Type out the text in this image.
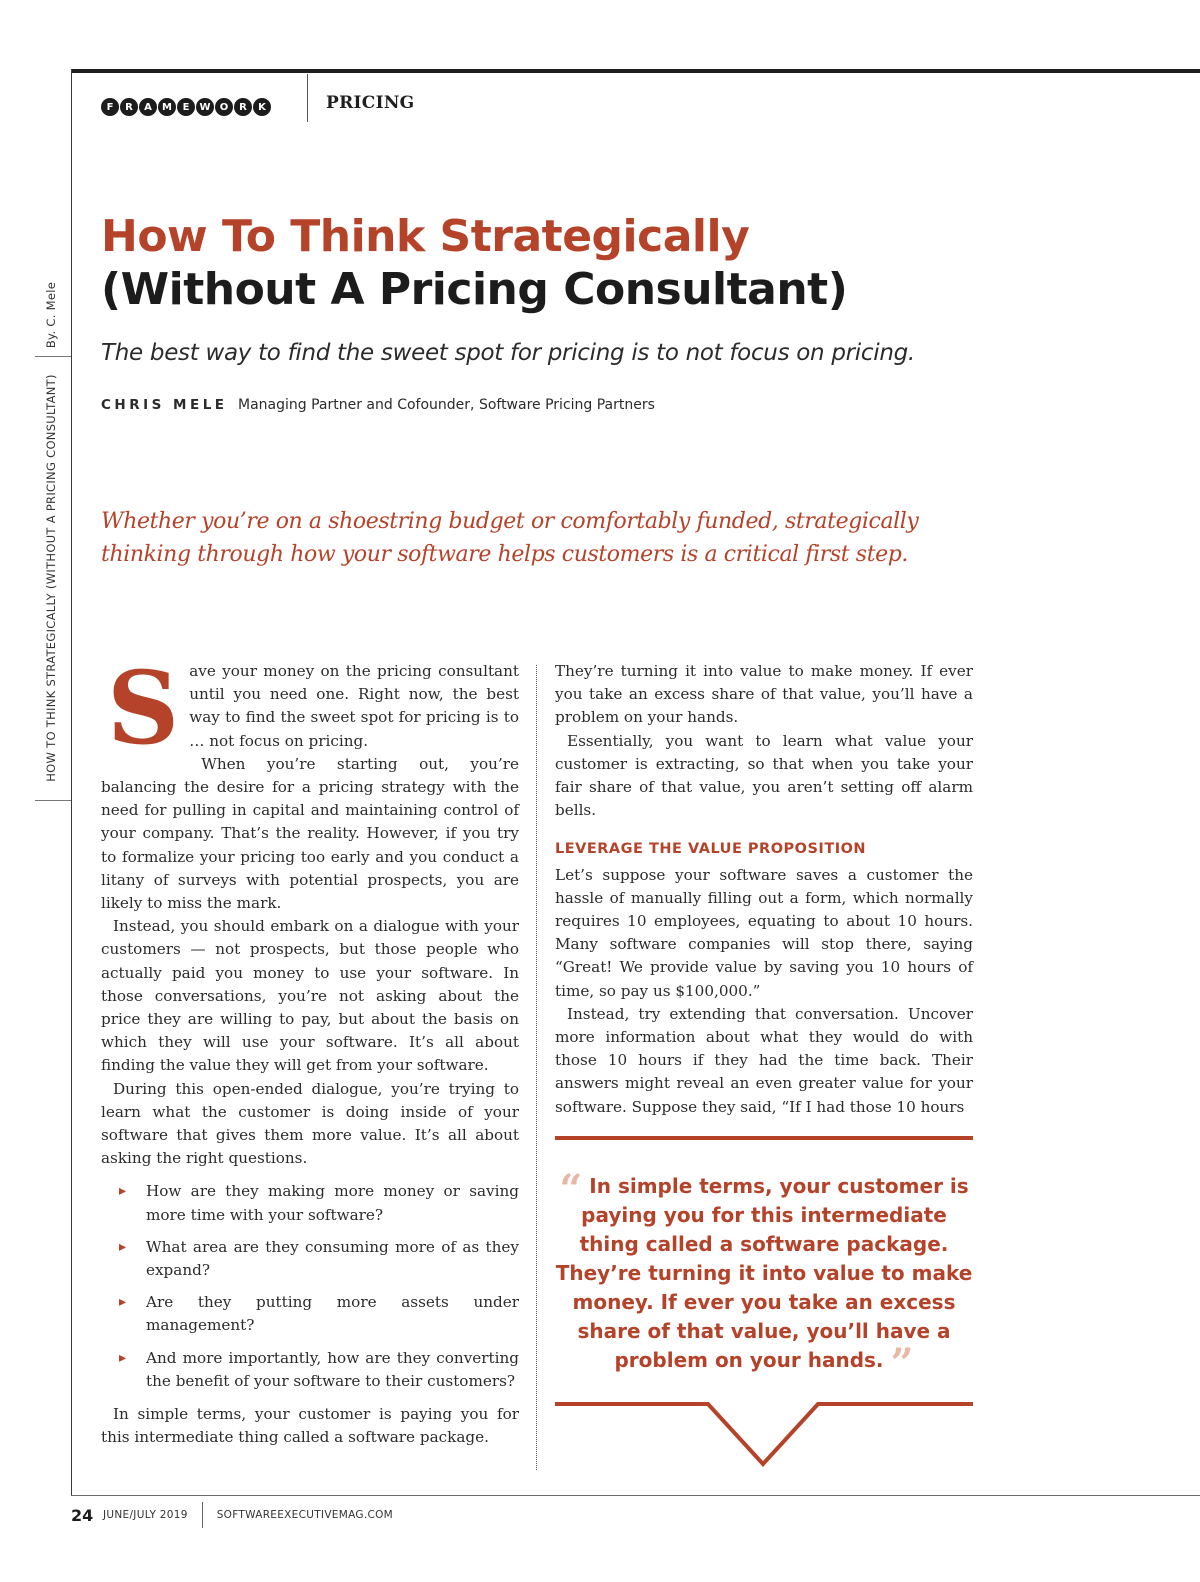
F	R	A	M	E	W O	R	K	PRICING
By. C. Mele
HOW TO THINK STRATEGICALLY (WITHOUT A PRICING CONSULTANT)
How To Think Strategically
(Without A Pricing Consultant)
The best way to find the sweet spot for pricing is to not focus on pricing.
CHRIS MELE Managing Partner and Cofounder, Software Pricing Partners
Whether you’re on a shoestring budget or comfortably funded, strategically thinking through how your software helps customers is a critical first step.
S ave your money on the pricing consultant until you need one. Right now, the best way to find the sweet spot for pricing is to … not focus on pricing.

When you’re starting out, you’re balancing the desire for a pricing strategy with the need for pulling in capital and maintaining control of your company. That’s the reality. However, if you try to formalize your pricing too early and you conduct a litany of surveys with potential prospects, you are likely to miss the mark.

Instead, you should embark on a dialogue with your customers — not prospects, but those people who actually paid you money to use your software. In those conversations, you’re not asking about the price they are willing to pay, but about the basis on which they will use your software. It’s all about finding the value they will get from your software.

During this open-ended dialogue, you’re trying to learn what the customer is doing inside of your software that gives them more value. It’s all about asking the right questions.

▸ How are they making more money or saving more time with your software?
▸ What area are they consuming more of as they expand?
▸ Are they putting more assets under management?
▸ And more importantly, how are they converting the benefit of your software to their customers?

In simple terms, your customer is paying you for this intermediate thing called a software package.

They’re turning it into value to make money. If ever you take an excess share of that value, you’ll have a problem on your hands.

Essentially, you want to learn what value your customer is extracting, so that when you take your fair share of that value, you aren’t setting off alarm bells.

LEVERAGE THE VALUE PROPOSITION

Let’s suppose your software saves a customer the hassle of manually filling out a form, which normally requires 10 employees, equating to about 10 hours. Many software companies will stop there, saying “Great! We provide value by saving you 10 hours of time, so pay us $100,000.”

Instead, try extending that conversation. Uncover more information about what they would do with those 10 hours if they had the time back. Their answers might reveal an even greater value for your software. Suppose they said, “If I had those 10 hours

“ In simple terms, your customer is paying you for this intermediate thing called a software package. They’re turning it into value to make money. If ever you take an excess share of that value, you’ll have a problem on your hands. ”
24 JUNE/JULY 2019	SOFTWAREEXECUTIVEMAG.COM
